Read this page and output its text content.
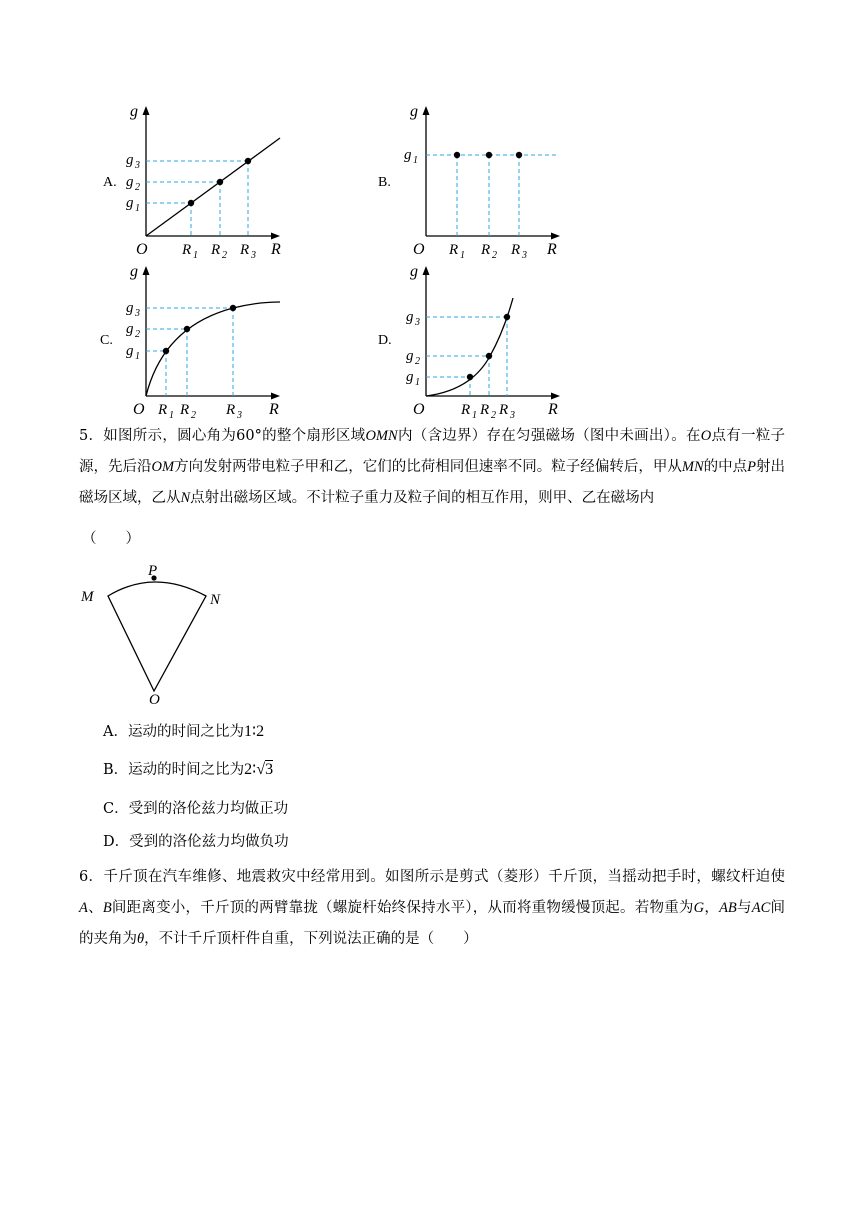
A.
g
g 3
g 2
g 1
O R 1 R 2 R 3 R
B.
g
g 1
O R 1 R 2 R 3 R
C.
g
g 3
g 2
g 1
O R 1 R 2 R 3 R
D.
g
g 3
g 2
g 1
O R 1 R 2 R 3 R
5．如图所示，圆心角为60°的整个扇形区域OMN内（含边界）存在匀强磁场（图中未画出）。在O点有一粒子源，先后沿OM方向发射两带电粒子甲和乙，它们的比荷相同但速率不同。粒子经偏转后，甲从MN的中点P射出磁场区域，乙从N点射出磁场区域。不计粒子重力及粒子间的相互作用，则甲、乙在磁场内
（　　）
P
M	N
O
A．运动的时间之比为1∶2
B．运动的时间之比为2∶√3
C．受到的洛伦兹力均做正功
D．受到的洛伦兹力均做负功
6．千斤顶在汽车维修、地震救灾中经常用到。如图所示是剪式（菱形）千斤顶，当摇动把手时，螺纹杆迫使A、B间距离变小，千斤顶的两臂靠拢（螺旋杆始终保持水平），从而将重物缓慢顶起。若物重为G，AB与AC间的夹角为θ，不计千斤顶杆件自重，下列说法正确的是（　　）
